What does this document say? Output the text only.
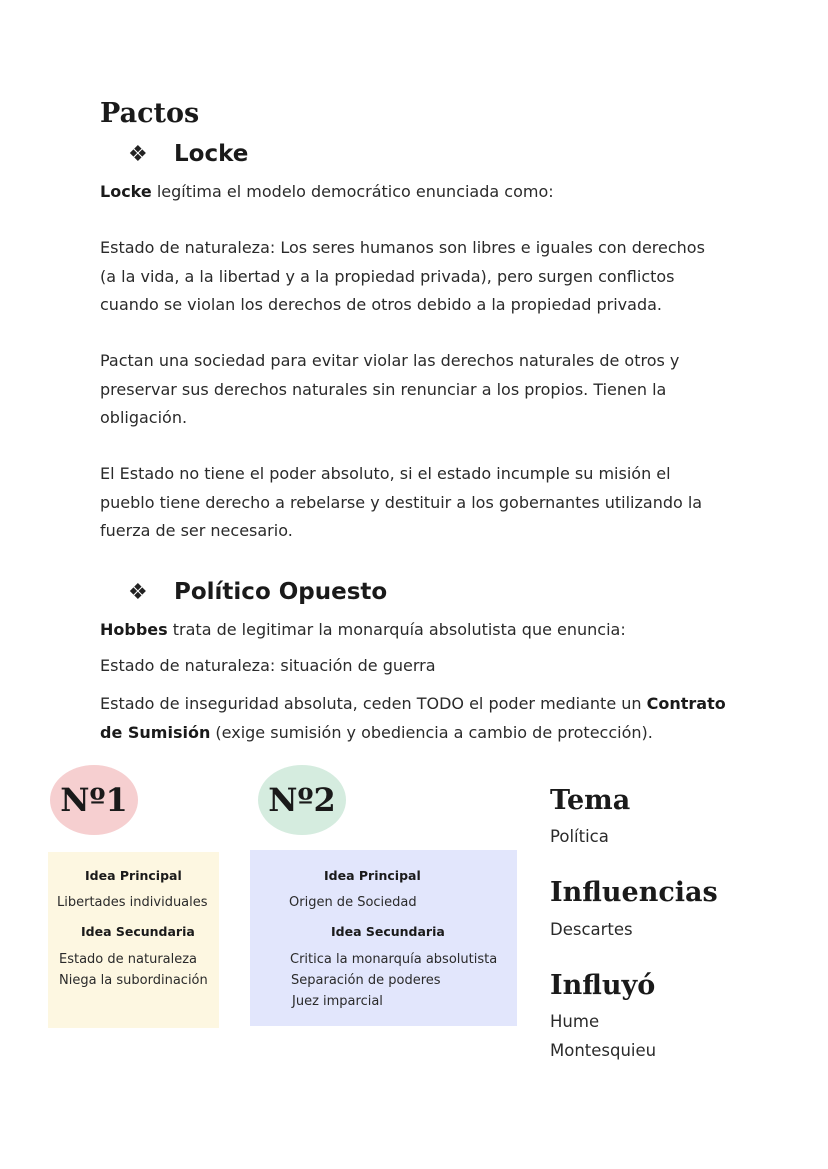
Pactos
❖	Locke
Locke legítima el modelo democrático enunciada como:
Estado de naturaleza: Los seres humanos son libres e iguales con derechos
(a la vida, a la libertad y a la propiedad privada), pero surgen conflictos
cuando se violan los derechos de otros debido a la propiedad privada.
Pactan una sociedad para evitar violar las derechos naturales de otros y
preservar sus derechos naturales sin renunciar a los propios. Tienen la
obligación.
El Estado no tiene el poder absoluto, si el estado incumple su misión el
pueblo tiene derecho a rebelarse y destituir a los gobernantes utilizando la
fuerza de ser necesario.
❖	Político Opuesto
Hobbes trata de legitimar la monarquía absolutista que enuncia:
Estado de naturaleza: situación de guerra
Estado de inseguridad absoluta, ceden TODO el poder mediante un Contrato
de Sumisión (exige sumisión y obediencia a cambio de protección).
Nº1
Idea Principal
Libertades individuales
Idea Secundaria
Estado de naturaleza
Niega la subordinación
Nº2
Idea Principal
Origen de Sociedad
Idea Secundaria
Critica la monarquía absolutista
Separación de poderes
Juez imparcial
Tema
Política
Influencias
Descartes
Influyó
Hume
Montesquieu
